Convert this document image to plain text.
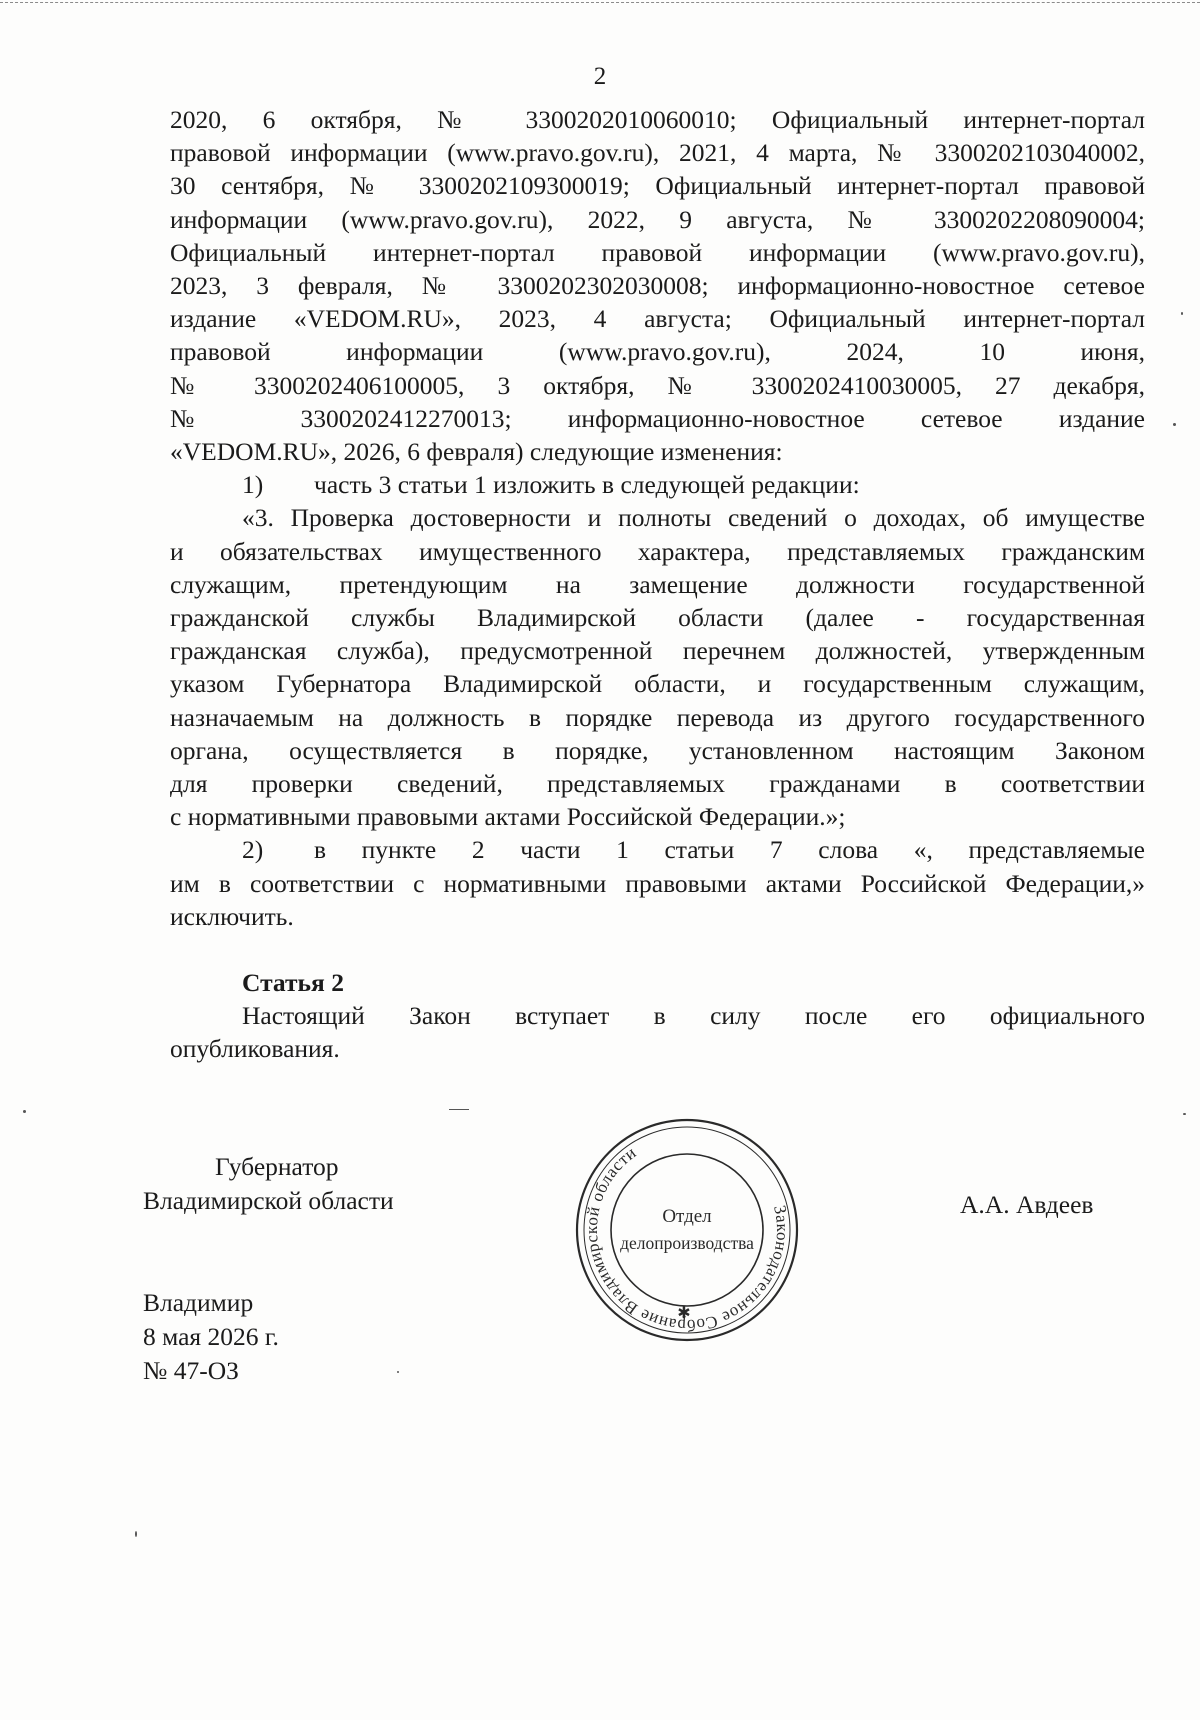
2

2020, 6 октября, № 3300202010060010; Официальный интернет-портал

правовой информации (www.pravo.gov.ru), 2021, 4 марта, № 3300202103040002,

30 сентября, № 3300202109300019; Официальный интернет-портал правовой

информации (www.pravo.gov.ru), 2022, 9 августа, № 3300202208090004;

Официальный интернет-портал правовой информации (www.pravo.gov.ru),

2023, 3 февраля, № 3300202302030008; информационно-новостное сетевое

издание «VEDOM.RU», 2023, 4 августа; Официальный интернет-портал

правовой информации (www.pravo.gov.ru), 2024, 10 июня,

№ 3300202406100005, 3 октября, № 3300202410030005, 27 декабря,

№ 3300202412270013; информационно-новостное сетевое издание

«VEDOM.RU», 2026, 6 февраля) следующие изменения:

1) часть 3 статьи 1 изложить в следующей редакции:

«3. Проверка достоверности и полноты сведений о доходах, об имуществе

и обязательствах имущественного характера, представляемых гражданским

служащим, претендующим на замещение должности государственной

гражданской службы Владимирской области (далее - государственная

гражданская служба), предусмотренной перечнем должностей, утвержденным

указом Губернатора Владимирской области, и государственным служащим,

назначаемым на должность в порядке перевода из другого государственного

органа, осуществляется в порядке, установленном настоящим Законом

для проверки сведений, представляемых гражданами в соответствии

с нормативными правовыми актами Российской Федерации.»;

2) в пункте 2 части 1 статьи 7 слова «, представляемые

им в соответствии с нормативными правовыми актами Российской Федерации,»

исключить.

Статья 2

Настоящий Закон вступает в силу после его официального

опубликования.

Губернатор
Владимирской области	А.А. Авдеев
Законодательное Собрание Владимирской области
Отдел
делопроизводства
✱
Владимир
8 мая 2026 г.
№ 47-ОЗ
